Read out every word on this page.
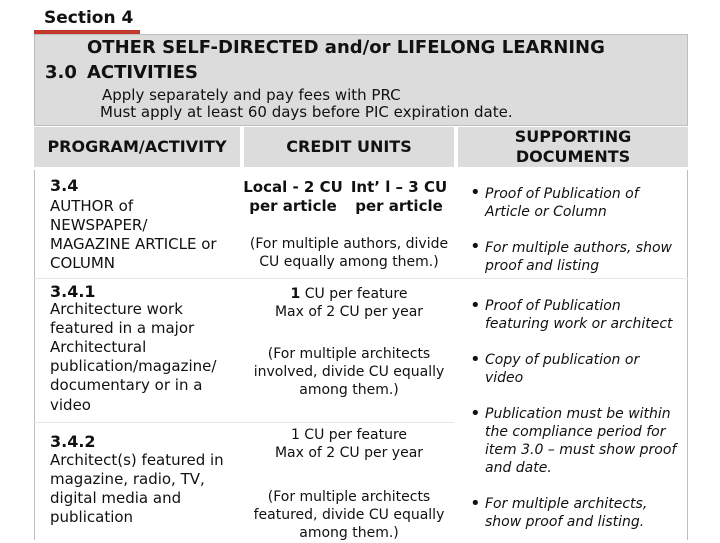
Section 4
OTHER SELF-DIRECTED and/or LIFELONG LEARNING
3.0 ACTIVITIES
Apply separately and pay fees with PRC
Must apply at least 60 days before PIC expiration date.
PROGRAM/ACTIVITY	CREDIT UNITS
SUPPORTING
DOCUMENTS
3.4
AUTHOR of
NEWSPAPER/
MAGAZINE ARTICLE or
COLUMN
Local - 2 CU
per article
Int’ l – 3 CU
per article
(For multiple authors, divide
CU equally among them.)
• Proof of Publication of
Article or Column
• For multiple authors, show
proof and listing
3.4.1
Architecture work
featured in a major
Architectural
publication/magazine/
documentary or in a
video
1 CU per feature
Max of 2 CU per year
(For multiple architects
involved, divide CU equally
among them.)
• Proof of Publication
featuring work or architect
• Copy of publication or
video
• Publication must be within
the compliance period for
item 3.0 – must show proof
and date.
3.4.2
Architect(s) featured in
magazine, radio, TV,
digital media and
publication
1 CU per feature
Max of 2 CU per year
(For multiple architects
featured, divide CU equally
among them.)
• For multiple architects,
show proof and listing.
